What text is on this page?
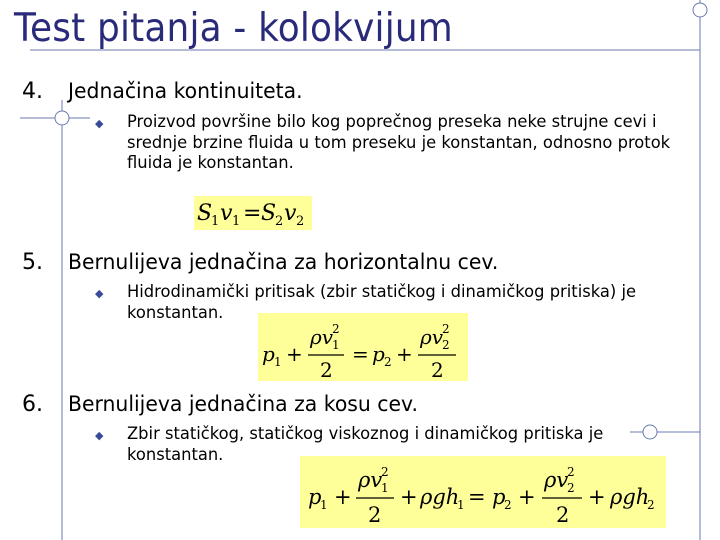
Test pitanja - kolokvijum
4. Jednačina kontinuiteta.
◆ Proizvod površine bilo kog poprečnog preseka neke strujne cevi i srednje brzine fluida u tom preseku je konstantan, odnosno protok fluida je konstantan.
S
1 v 1 = S
2 v 2
5. Bernulijeva jednačina za horizontalnu cev.
◆ Hidrodinamički pritisak (zbir statičkog i dinamičkog pritiska) je konstantan.
p 1 +
ρv
2
1
2
= p 2 +
ρv
2
2
2
6. Bernulijeva jednačina za kosu cev.
◆ Zbir statičkog, statičkog viskoznog i dinamičkog pritiska je konstantan.
p
1 +
ρv
2
1
2
+ ρgh
1 = p
2 +
ρv
2
2
2
+ ρgh
2
